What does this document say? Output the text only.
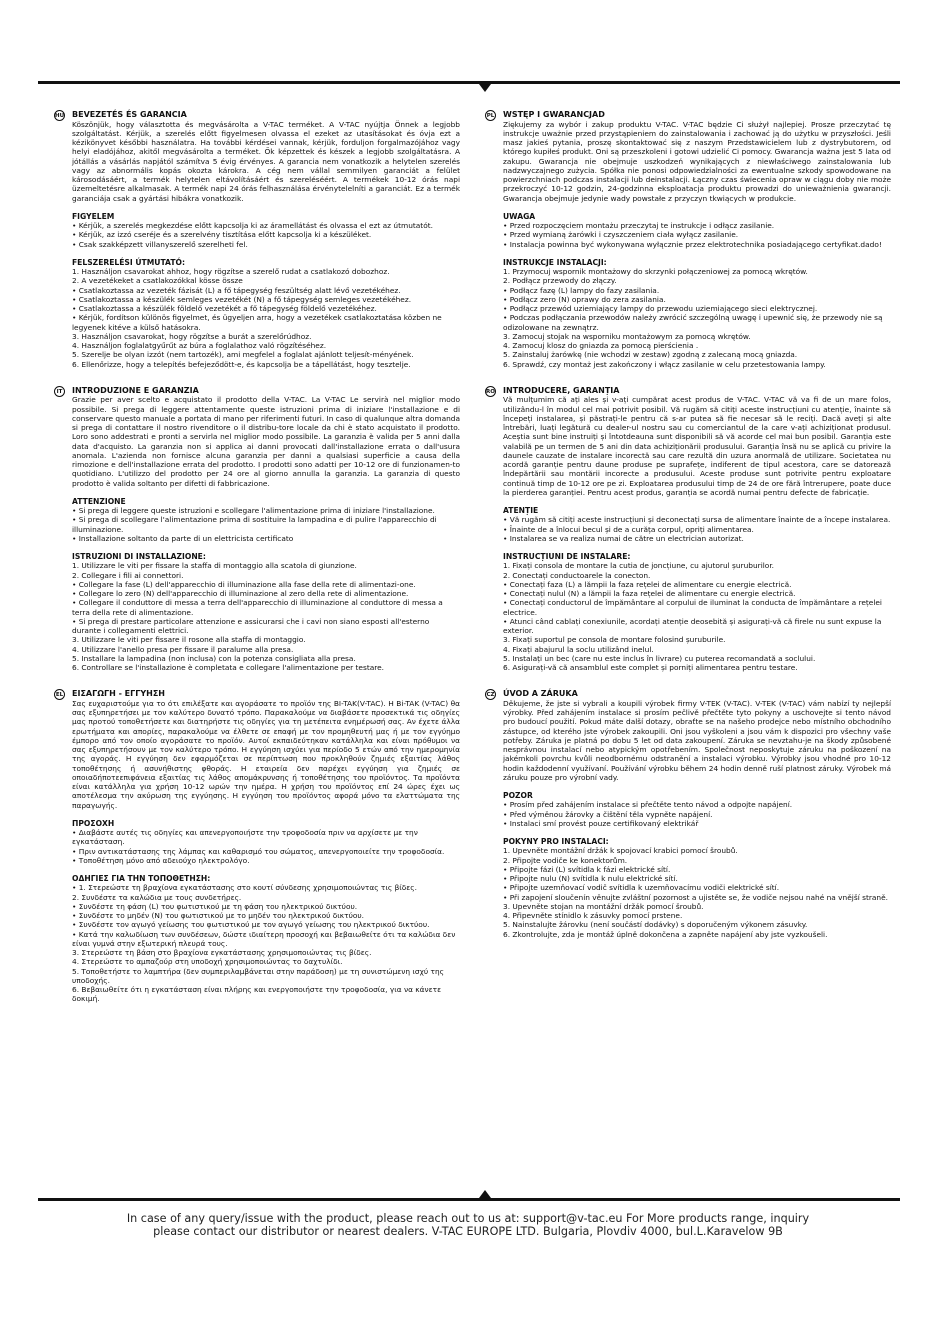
HU BEVEZETÉS ÉS GARANCIA

Köszönjük, hogy választotta és megvásárolta a V-TAC terméket. A V-TAC nyújtja Önnek a legjobb szolgáltatást. Kérjük, a szerelés előtt figyelmesen olvassa el ezeket az utasításokat és óvja ezt a kézikönyvet későbbi használatra. Ha további kérdései vannak, kérjük, forduljon forgalmazójához vagy helyi eladójához, akitől megvásárolta a terméket. Ők képzettek és készek a legjobb szolgáltatásra. A jótállás a vásárlás napjától számítva 5 évig érvényes. A garancia nem vonatkozik a helytelen szerelés vagy az abnormális kopás okozta károkra. A cég nem vállal semmilyen garanciát a felület károsodásáért, a termék helytelen eltávolításáért és szereléséért. A termékek 10-12 órás napi üzemeltetésre alkalmasak. A termék napi 24 órás felhasználása érvénytelelníti a garanciát. Ez a termék garanciája csak a gyártási hibákra vonatkozik.

FIGYELEM
• Kérjük, a szerelés megkezdése előtt kapcsolja ki az áramellátást és olvassa el ezt az útmutatót.
• Kérjük, az izzó cseréje és a szerelvény tisztítása előtt kapcsolja ki a készüléket.
• Csak szakképzett villanyszerelő szerelheti fel.
FELSZERELÉSI ÚTMUTATÓ:
1. Használjon csavarokat ahhoz, hogy rögzítse a szerelő rudat a csatlakozó dobozhoz.
2. A vezetékeket a csatlakozókkal kösse össze
• Csatlakoztassa az vezeték fázisát (L) a fő tápegység feszültség alatt lévő vezetékéhez.
• Csatlakoztassa a készülék semleges vezetékét (N) a fő tápegység semleges vezetékéhez.
• Csatlakoztassa a készülék földelő vezetékét a fő tápegység földelő vezetékéhez.
• Kérjük, fordítson különös figyelmet, és ügyeljen arra, hogy a vezetékek csatlakoztatása közben ne legyenek kitéve a külső hatásokra.
3. Használjon csavarokat, hogy rögzítse a burát a szerelőrúdhoz.
4. Használjon foglalatgyűrűt az búra a foglalathoz való rögzítéséhez.
5. Szerelje be olyan izzót (nem tartozék), ami megfelel a foglalat ajánlott teljesít-ményének.
6. Ellenőrizze, hogy a telepítés befejeződött-e, és kapcsolja be a tápellátást, hogy tesztelje.
IT	INTRODUZIONE E GARANZIA

Grazie per aver scelto e acquistato il prodotto della V-TAC. La V-TAC Le servirà nel miglior modo possibile. Si prega di leggere attentamente queste istruzioni prima di iniziare l'installazione e di conservare questo manuale a portata di mano per riferimenti futuri. In caso di qualunque altra domanda si prega di contattare il nostro rivenditore o il distribu-tore locale da chi è stato acquistato il prodotto. Loro sono addestrati e pronti a servirla nel miglior modo possibile. La garanzia è valida per 5 anni dalla data d'acquisto. La garanzia non si applica ai danni provocati dall'installazione errata o dall'usura anomala. L'azienda non fornisce alcuna garanzia per danni a qualsiasi superficie a causa della rimozione e dell'installazione errata del prodotto. I prodotti sono adatti per 10-12 ore di funzionamen-to quotidiano. L'utilizzo del prodotto per 24 ore al giorno annulla la garanzia. La garanzia di questo prodotto è valida soltanto per difetti di fabbricazione.

ATTENZIONE
• Si prega di leggere queste istruzioni e scollegare l'alimentazione prima di iniziare l'installazione.
• Si prega di scollegare l'alimentazione prima di sostituire la lampadina e di pulire l'apparecchio di illuminazione.
• Installazione soltanto da parte di un elettricista certificato
ISTRUZIONI DI INSTALLAZIONE:
1. Utilizzare le viti per fissare la staffa di montaggio alla scatola di giunzione.
2. Collegare i fili ai connettori.
• Collegare la fase (L) dell'apparecchio di illuminazione alla fase della rete di alimentazi-one.
• Collegare lo zero (N) dell'apparecchio di illuminazione al zero della rete di alimentazione.
• Collegare il conduttore di messa a terra dell'apparecchio di illuminazione al conduttore di messa a terra della rete di alimentazione.
• Si prega di prestare particolare attenzione e assicurarsi che i cavi non siano esposti all'esterno durante i collegamenti elettrici.
3. Utilizzare le viti per fissare il rosone alla staffa di montaggio.
4. Utilizzare l'anello presa per fissare il paralume alla presa.
5. Installare la lampadina (non inclusa) con la potenza consigliata alla presa.
6. Controllare se l'installazione è completata e collegare l'alimentazione per testare.
EL ΕΙΣΑΓΩΓΗ - ΕΓΓΥΗΣΗ

Σας ευχαριστούμε για το ότι επιλέξατε και αγοράσατε το προϊόν της BI-TAK(V-TAC). Η Bi-TAK (V-TAC) θα σας εξυπηρετήσει με τον καλύτερο δυνατό τρόπο. Παρακαλούμε να διαβάσετε προσεκτικά τις οδηγίες μας προτού τοποθετήσετε και διατηρήστε τις οδηγίες για τη μετέπειτα ενημέρωσή σας. Αν έχετε άλλα ερωτήματα και απορίες, παρακαλούμε να έλθετε σε επαφή με τον προμηθευτή μας ή με τον εγγύημο έμπορο από τον οποίο αγοράσατε το προϊόν. Αυτοί εκπαιδεύτηκαν κατάλληλα και είναι πρόθυμοι να σας εξυπηρετήσουν με τον καλύτερο τρόπο. Η εγγύηση ισχύει για περίοδο 5 ετών από την ημερομηνία της αγοράς. Η εγγύηση δεν εφαρμόζεται σε περίπτωση που προκληθούν ζημιές εξαιτίας λάθος τοποθέτησης ή ασυνήθιστης φθοράς. Η εταιρεία δεν παρέχει εγγύηση για ζημιές σε οποιαδήποτεεπιφάνεια εξαιτίας τις λάθος απομάκρυνσης ή τοποθέτησης του προϊόντος. Τα προϊόντα είναι κατάλληλα για χρήση 10-12 ωρών την ημέρα. Η χρήση του προϊόντος επί 24 ώρες έχει ως αποτέλεσμα την ακύρωση της εγγύησης. Η εγγύηση του προϊόντος αφορά μόνο τα ελαττώματα της παραγωγής.

ΠΡΟΣΟΧΗ
• Διαβάστε αυτές τις οδηγίες και απενεργοποιήστε την τροφοδοσία πριν να αρχίσετε με την εγκατάσταση.
• Πριν αντικατάστασης της λάμπας και καθαρισμό του σώματος, απενεργοποιείτε την τροφοδοσία.
• Τοποθέτηση μόνο από αδειούχο ηλεκτρολόγο.
ΟΔΗΓΙΕΣ ΓΙΑ ΤΗΝ ΤΟΠΟΘΕΤΗΣΗ:
• 1. Στερεώστε τη βραχίονα εγκατάστασης στο κουτί σύνδεσης χρησιμοποιώντας τις βίδες.
2. Συνδέστε τα καλώδια με τους συνδετήρες.
• Συνδέστε τη φάση (L) του φωτιστικού με τη φάση του ηλεκτρικού δικτύου.
• Συνδέστε το μηδέν (N) του φωτιστικού με το μηδέν του ηλεκτρικού δικτύου.
• Συνδέστε τον αγωγό γείωσης του φωτιστικού με τον αγωγό γείωσης του ηλεκτρικού δικτύου.
• Κατά την καλωδίωση των συνδέσεων, δώστε ιδιαίτερη προσοχή και βεβαιωθείτε ότι τα καλώδια δεν είναι γυμνά στην εξωτερική πλευρά τους.
3. Στερεώστε τη βάση στο βραχίονα εγκατάστασης χρησιμοποιώντας τις βίδες.
4. Στερεώστε το αμπαζούρ στη υποδοχή χρησιμοποιώντας το δαχτυλίδι.
5. Τοποθετήστε το λαμπτήρα (δεν συμπεριλαμβάνεται στην παράδοση) με τη συνιστώμενη ισχύ της υποδοχής.
6. Βεβαιωθείτε ότι η εγκατάσταση είναι πλήρης και ενεργοποιήστε την τροφοδοσία, για να κάνετε δοκιμή.
PL WSTĘP I GWARANCJAD

Ziękujemy za wybór i zakup produktu V-TAC. V-TAC będzie Ci służył najlepiej. Prosze przeczytać tę instrukcje uważnie przed przystąpieniem do zainstalowania i zachować ją do użytku w przyszłości. Jeśli masz jakieś pytania, proszę skontaktować się z naszym Przedstawicielem lub z dystrybutorem, od którego kupiłeś produkt. Oni są przeszkoleni i gotowi udzielić Ci pomocy. Gwarancja ważna jest 5 lata od zakupu. Gwarancja nie obejmuje uszkodzeń wynikających z niewłaściwego zainstalowania lub nadzwyczajnego zużycia. Spółka nie ponosi odpowiedzialności za ewentualne szkody spowodowane na powierzchniach podczas instalacji lub deinstalacji. Łączny czas świecenia opraw w ciągu doby nie może przekroczyć 10-12 godzin, 24-godzinna eksploatacja produktu prowadzi do unieważnienia gwarancji. Gwarancja obejmuje jedynie wady powstałe z przyczyn tkwiących w produkcie.

UWAGA
• Przed rozpoczęciem montażu przeczytaj te instrukcje i odłącz zasilanie.
• Przed wymianą żarówki i czyszczeniem ciała wyłącz zasilanie.
• Instalacja powinna być wykonywana wyłącznie przez elektrotechnika posiadającego certyfikat.dado!
INSTRUKCJE INSTALACJI:
1. Przymocuj wspornik montażowy do skrzynki połączeniowej za pomocą wkrętów.
2. Podłącz przewody do złączy.
• Podłącz fazę (L) lampy do fazy zasilania.
• Podłącz zero (N) oprawy do zera zasilania.
• Podłącz przewód uziemiający lampy do przewodu uziemiającego sieci elektrycznej.
• Podczas podłączania przewodów należy zwrócić szczególną uwagę i upewnić się, że przewody nie są odizolowane na zewnątrz.
3. Zamocuj stojak na wsporniku montażowym za pomocą wkrętów.
4. Zamocuj klosz do gniazda za pomocą pierścienia .
5. Zainstaluj żarówkę (nie wchodzi w zestaw) zgodną z zalecaną mocą gniazda.
6. Sprawdź, czy montaż jest zakończony i włącz zasilanie w celu przetestowania lampy.
RO INTRODUCERE, GARANȚIA

Vă mulțumim că ați ales și v-ați cumpărat acest produs de V-TAC. V-TAC vă va fi de un mare folos, utilizându-l în modul cel mai potrivit posibil. Vă rugăm să citiți aceste instrucțiuni cu atenție, înainte să începeți instalarea, și păstrați-le pentru că s-ar putea să fie necesar să le reciți. Dacă aveți și alte întrebări, luați legătură cu dealer-ul nostru sau cu comerciantul de la care v-ați achiziționat produsul. Aceștia sunt bine instruiți și întotdeauna sunt disponibili să vă acorde cel mai bun posibil. Garanția este valabilă pe un termen de 5 ani din data achiziționării produsului. Garanția însă nu se aplică cu privire la daunele cauzate de instalare incorectă sau care rezultă din uzura anormală de utilizare. Societatea nu acordă garanție pentru daune produse pe suprafețe, indiferent de tipul acestora, care se datorează îndepărtării sau montării incorecte a produsului. Aceste produse sunt potrivite pentru exploatare continuă timp de 10-12 ore pe zi. Exploatarea produsului timp de 24 de ore fără întrerupere, poate duce la pierderea garanției. Pentru acest produs, garanția se acordă numai pentru defecte de fabricație.

ATENȚIE
• Vă rugăm să citiți aceste instrucțiuni și deconectați sursa de alimentare înainte de a începe instalarea.
• Înainte de a înlocui becul și de a curăța corpul, opriți alimentarea.
• Instalarea se va realiza numai de către un electrician autorizat.
INSTRUCȚIUNI DE INSTALARE:
1. Fixați consola de montare la cutia de joncțiune, cu ajutorul șuruburilor.
2. Conectați conductoarele la conecton.
• Conectați faza (L) a lămpii la faza rețelei de alimentare cu energie electrică.
• Conectați nulul (N) a lămpii la faza rețelei de alimentare cu energie electrică.
• Conectați conductorul de împământare al corpului de iluminat la conducta de împământare a rețelei electrice.
• Atunci când cablați conexiunile, acordați atenție deosebită și asigurați-vă că firele nu sunt expuse la exterior.
3. Fixați suportul pe consola de montare folosind șuruburile.
4. Fixați abajurul la soclu utilizând inelul.
5. Instalați un bec (care nu este inclus în livrare) cu puterea recomandată a soclului.
6. Asigurați-vă că ansamblul este complet și porniți alimentarea pentru testare.
CZ ÚVOD A ZÁRUKA

Děkujeme, že jste si vybrali a koupili výrobek firmy V-TEK (V-TAC). V-TEK (V-TAC) vám nabízí ty nejlepší výrobky. Před zahájením instalace si prosím pečlivě přečtěte tyto pokyny a uschovejte si tento návod pro budoucí použití. Pokud máte další dotazy, obraťte se na našeho prodejce nebo místního obchodního zástupce, od kterého jste výrobek zakoupili. Oni jsou vyškoleni a jsou vám k dispozici pro všechny vaše potřeby. Záruka je platná po dobu 5 let od data zakoupení. Záruka se nevztahu-je na škody způsobené nesprávnou instalací nebo atypickým opotřebením. Společnost neposkytuje záruku na poškození na jakémkoli povrchu kvůli neodbornému odstranění a instalaci výrobku. Výrobky jsou vhodné pro 10-12 hodin každodenní využívaní. Používání výrobku během 24 hodin denně ruší platnost záruky. Výrobek má záruku pouze pro výrobní vady.

POZOR
• Prosím před zahájením instalace si přečtěte tento návod a odpojte napájení.
• Před výměnou žárovky a čištění těla vypněte napájení.
• Instalaci smí provést pouze certifikovaný elektrikář
POKYNY PRO INSTALACI:
1. Upevněte montážní držák k spojovací krabici pomocí šroubů.
2. Připojte vodiče ke konektorům.
• Připojte fázi (L) svítidla k fázi elektrické sítí.
• Připojte nulu (N) svítidla k nulu elektrické sítí.
• Připojte uzemňovací vodič svítidla k uzemňovacímu vodiči elektrické sítí.
• Při zapojení sloučenín věnujte zvláštní pozornost a ujistěte se, že vodiče nejsou nahé na vnější straně.
3. Upevněte stojan na montážní držák pomocí šroubů.
4. Připevněte stínidlo k zásuvky pomocí prstene.
5. Nainstalujte žárovku (není součástí dodávky) s doporučeným výkonem zásuvky.
6. Zkontrolujte, zda je montáž úplně dokončena a zapněte napájení aby jste vyzkoušeli.
In case of any query/issue with the product, please reach out to us at: support@v-tac.eu For More products range, inquiry
please contact our distributor or nearest dealers. V-TAC EUROPE LTD. Bulgaria, Plovdiv 4000, bul.L.Karavelow 9B
